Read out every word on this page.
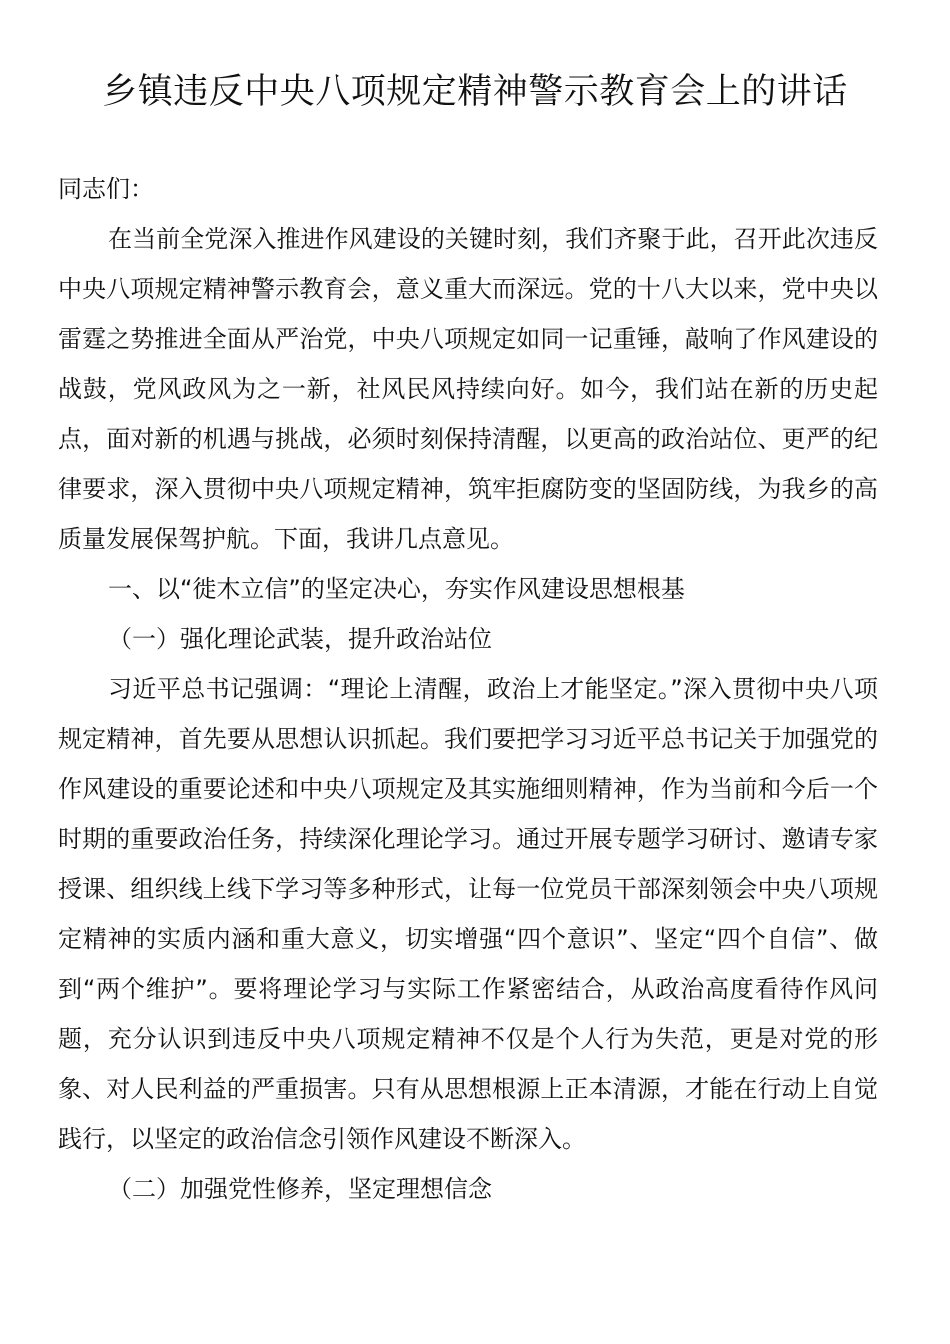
乡镇违反中央八项规定精神警示教育会上的讲话

同志们：

在当前全党深入推进作风建设的关键时刻，我们齐聚于此，召开此次违反中央八项规定精神警示教育会，意义重大而深远。党的十八大以来，党中央以雷霆之势推进全面从严治党，中央八项规定如同一记重锤，敲响了作风建设的战鼓，党风政风为之一新，社风民风持续向好。如今，我们站在新的历史起点，面对新的机遇与挑战，必须时刻保持清醒，以更高的政治站位、更严的纪律要求，深入贯彻中央八项规定精神，筑牢拒腐防变的坚固防线，为我乡的高质量发展保驾护航。下面，我讲几点意见。

一、以“徙木立信”的坚定决心，夯实作风建设思想根基

（一）强化理论武装，提升政治站位

习近平总书记强调：“理论上清醒，政治上才能坚定。”深入贯彻中央八项规定精神，首先要从思想认识抓起。我们要把学习习近平总书记关于加强党的作风建设的重要论述和中央八项规定及其实施细则精神，作为当前和今后一个时期的重要政治任务，持续深化理论学习。通过开展专题学习研讨、邀请专家授课、组织线上线下学习等多种形式，让每一位党员干部深刻领会中央八项规定精神的实质内涵和重大意义，切实增强“四个意识”、坚定“四个自信”、做到“两个维护”。要将理论学习与实际工作紧密结合，从政治高度看待作风问题，充分认识到违反中央八项规定精神不仅是个人行为失范，更是对党的形象、对人民利益的严重损害。只有从思想根源上正本清源，才能在行动上自觉践行，以坚定的政治信念引领作风建设不断深入。

（二）加强党性修养，坚定理想信念
